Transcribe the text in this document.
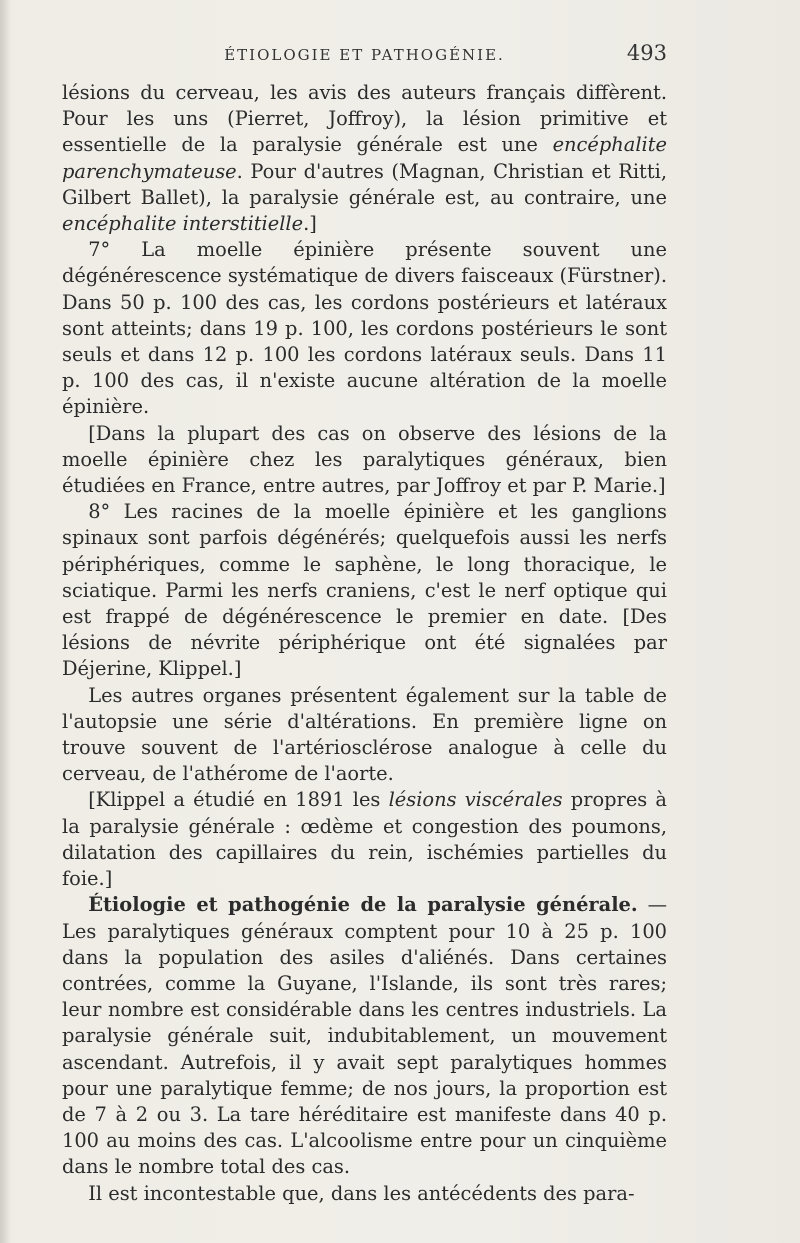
ÉTIOLOGIE ET PATHOGÉNIE.	493

lésions du cerveau, les avis des auteurs français diffèrent. Pour les uns (Pierret, Joffroy), la lésion primitive et essentielle de la paralysie générale est une encéphalite parenchymateuse. Pour d'autres (Magnan, Christian et Ritti, Gilbert Ballet), la paralysie générale est, au contraire, une encéphalite interstitielle.]

7° La moelle épinière présente souvent une dégénérescence systématique de divers faisceaux (Fürstner). Dans 50 p. 100 des cas, les cordons postérieurs et latéraux sont atteints; dans 19 p. 100, les cordons postérieurs le sont seuls et dans 12 p. 100 les cordons latéraux seuls. Dans 11 p. 100 des cas, il n'existe aucune altération de la moelle épinière.

[Dans la plupart des cas on observe des lésions de la moelle épinière chez les paralytiques généraux, bien étudiées en France, entre autres, par Joffroy et par P. Marie.]

8° Les racines de la moelle épinière et les ganglions spinaux sont parfois dégénérés; quelquefois aussi les nerfs périphériques, comme le saphène, le long thoracique, le sciatique. Parmi les nerfs craniens, c'est le nerf optique qui est frappé de dégénérescence le premier en date. [Des lésions de névrite périphérique ont été signalées par Déjerine, Klippel.]

Les autres organes présentent également sur la table de l'autopsie une série d'altérations. En première ligne on trouve souvent de l'artériosclérose analogue à celle du cerveau, de l'athérome de l'aorte.

[Klippel a étudié en 1891 les lésions viscérales propres à la paralysie générale : œdème et congestion des poumons, dilatation des capillaires du rein, ischémies partielles du foie.]

Étiologie et pathogénie de la paralysie générale. — Les paralytiques généraux comptent pour 10 à 25 p. 100 dans la population des asiles d'aliénés. Dans certaines contrées, comme la Guyane, l'Islande, ils sont très rares; leur nombre est considérable dans les centres industriels. La paralysie générale suit, indubitablement, un mouvement ascendant. Autrefois, il y avait sept paralytiques hommes pour une paralytique femme; de nos jours, la proportion est de 7 à 2 ou 3. La tare héréditaire est manifeste dans 40 p. 100 au moins des cas. L'alcoolisme entre pour un cinquième dans le nombre total des cas.

Il est incontestable que, dans les antécédents des para-
